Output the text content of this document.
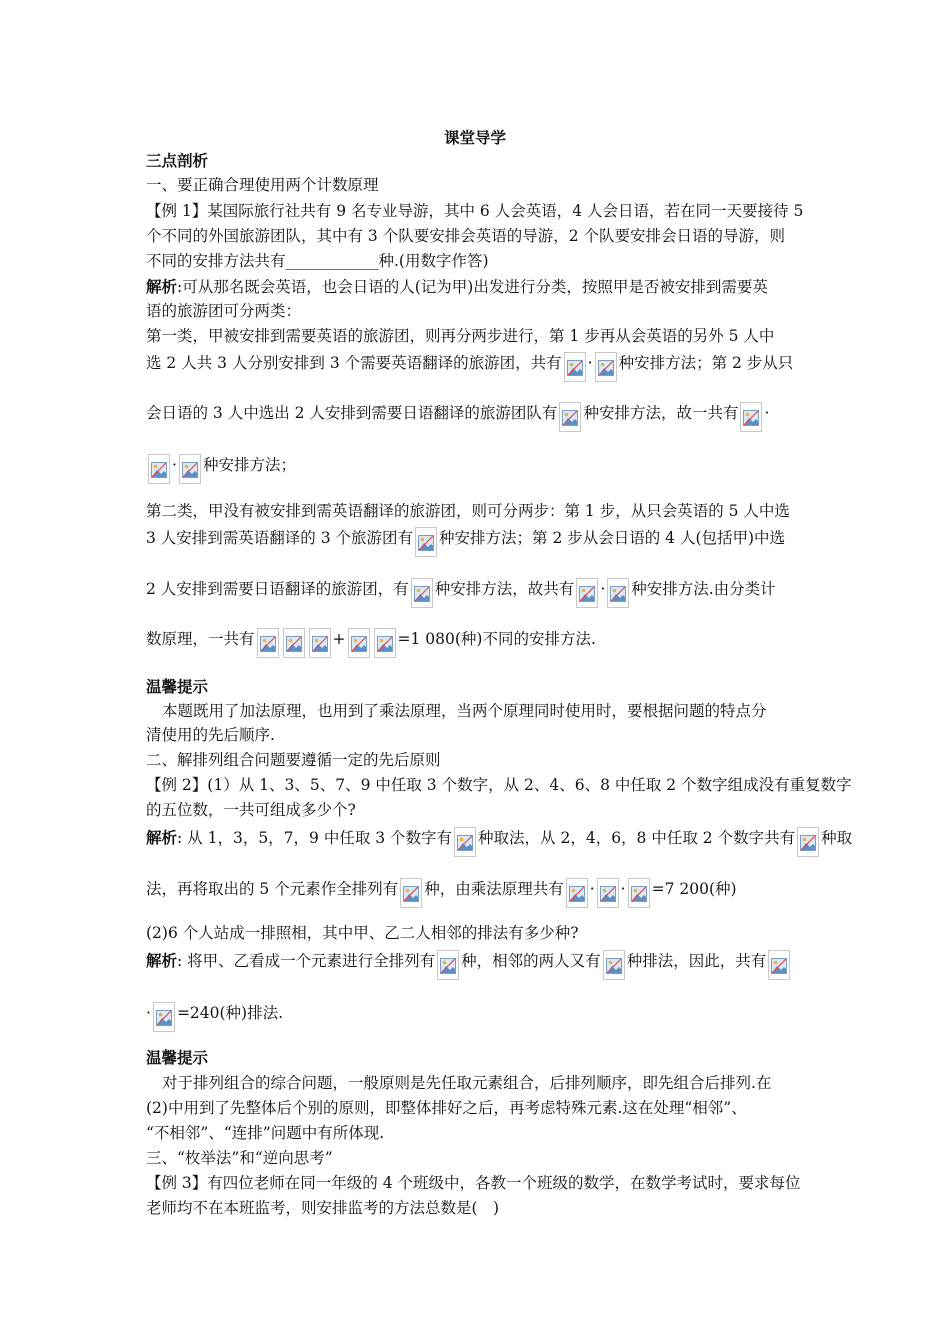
课堂导学
三点剖析
一、要正确合理使用两个计数原理
【例 1】某国际旅行社共有 9 名专业导游，其中 6 人会英语，4 人会日语，若在同一天要接待 5
个不同的外国旅游团队，其中有 3 个队要安排会英语的导游，2 个队要安排会日语的导游，则
不同的安排方法共有____________种.(用数字作答)
解析:可从那名既会英语，也会日语的人(记为甲)出发进行分类，按照甲是否被安排到需要英
语的旅游团可分两类：
第一类，甲被安排到需要英语的旅游团，则再分两步进行，第 1 步再从会英语的另外 5 人中
选 2 人共 3 人分别安排到 3 个需要英语翻译的旅游团，共有 · 种安排方法；第 2 步从只
会日语的 3 人中选出 2 人安排到需要日语翻译的旅游团队有 种安排方法，故一共有 ·
· 种安排方法；
第二类，甲没有被安排到需英语翻译的旅游团，则可分两步：第 1 步，从只会英语的 5 人中选
3 人安排到需英语翻译的 3 个旅游团有 种安排方法；第 2 步从会日语的 4 人(包括甲)中选
2 人安排到需要日语翻译的旅游团，有 种安排方法，故共有 · 种安排方法.由分类计
数原理，一共有	+	=1 080(种)不同的安排方法.
温馨提示
本题既用了加法原理，也用到了乘法原理，当两个原理同时使用时，要根据问题的特点分
清使用的先后顺序.
二、解排列组合问题要遵循一定的先后原则
【例 2】(1）从 1、3、5、7、9 中任取 3 个数字，从 2、4、6、8 中任取 2 个数字组成没有重复数字
的五位数，一共可组成多少个?
解析: 从 1，3，5，7，9 中任取 3 个数字有 种取法，从 2，4，6，8 中任取 2 个数字共有 种取
法，再将取出的 5 个元素作全排列有 种，由乘法原理共有 · · =7 200(种)
(2)6 个人站成一排照相，其中甲、乙二人相邻的排法有多少种?
解析: 将甲、乙看成一个元素进行全排列有 种，相邻的两人又有 种排法，因此，共有
· =240(种)排法.
温馨提示
对于排列组合的综合问题，一般原则是先任取元素组合，后排列顺序，即先组合后排列.在
(2)中用到了先整体后个别的原则，即整体排好之后，再考虑特殊元素.这在处理“相邻”、
“不相邻”、“连排”问题中有所体现.
三、“枚举法”和“逆向思考”
【例 3】有四位老师在同一年级的 4 个班级中，各教一个班级的数学，在数学考试时，要求每位
老师均不在本班监考，则安排监考的方法总数是(　)
